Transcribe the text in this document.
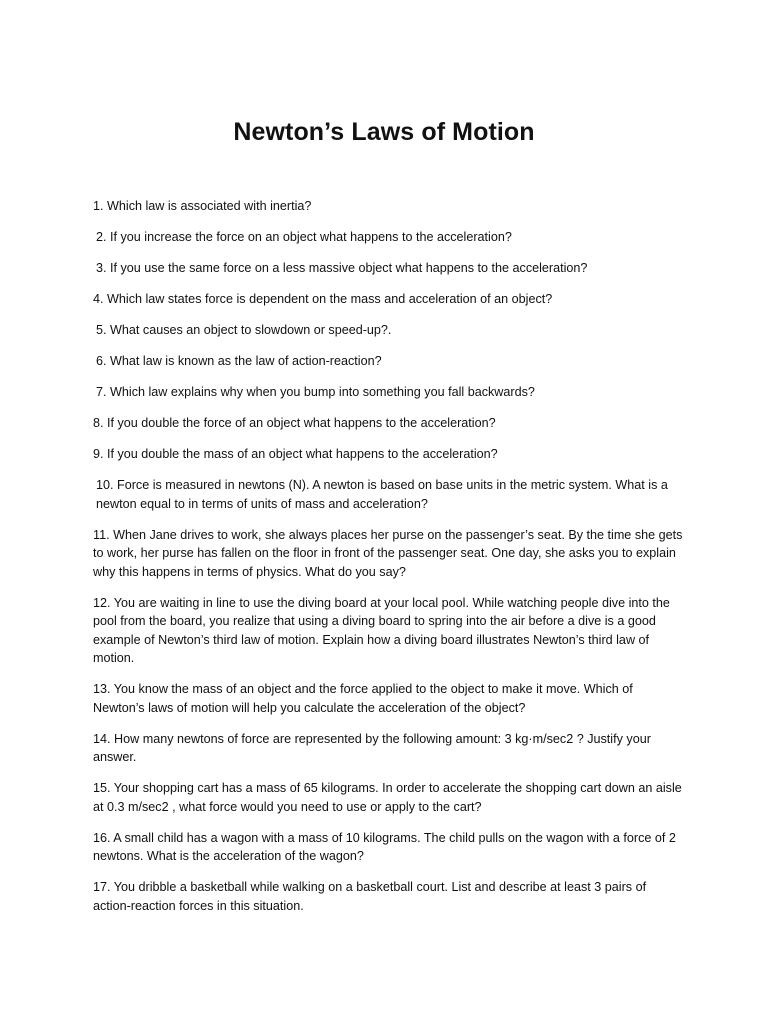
Newton’s Laws of Motion

1. Which law is associated with inertia?

2. If you increase the force on an object what happens to the acceleration?

3. If you use the same force on a less massive object what happens to the acceleration?

4. Which law states force is dependent on the mass and acceleration of an object?

5. What causes an object to slowdown or speed-up?.

6. What law is known as the law of action-reaction?

7. Which law explains why when you bump into something you fall backwards?

8. If you double the force of an object what happens to the acceleration?

9. If you double the mass of an object what happens to the acceleration?

10. Force is measured in newtons (N). A newton is based on base units in the metric system. What is a newton equal to in terms of units of mass and acceleration?

11. When Jane drives to work, she always places her purse on the passenger’s seat. By the time she gets to work, her purse has fallen on the floor in front of the passenger seat. One day, she asks you to explain why this happens in terms of physics. What do you say?

12. You are waiting in line to use the diving board at your local pool. While watching people dive into the pool from the board, you realize that using a diving board to spring into the air before a dive is a good example of Newton’s third law of motion. Explain how a diving board illustrates Newton’s third law of motion.

13. You know the mass of an object and the force applied to the object to make it move. Which of Newton’s laws of motion will help you calculate the acceleration of the object?

14. How many newtons of force are represented by the following amount: 3 kg·m/sec2 ? Justify your answer.

15. Your shopping cart has a mass of 65 kilograms. In order to accelerate the shopping cart down an aisle at 0.3 m/sec2 , what force would you need to use or apply to the cart?

16. A small child has a wagon with a mass of 10 kilograms. The child pulls on the wagon with a force of 2 newtons. What is the acceleration of the wagon?

17. You dribble a basketball while walking on a basketball court. List and describe at least 3 pairs of action-reaction forces in this situation.
